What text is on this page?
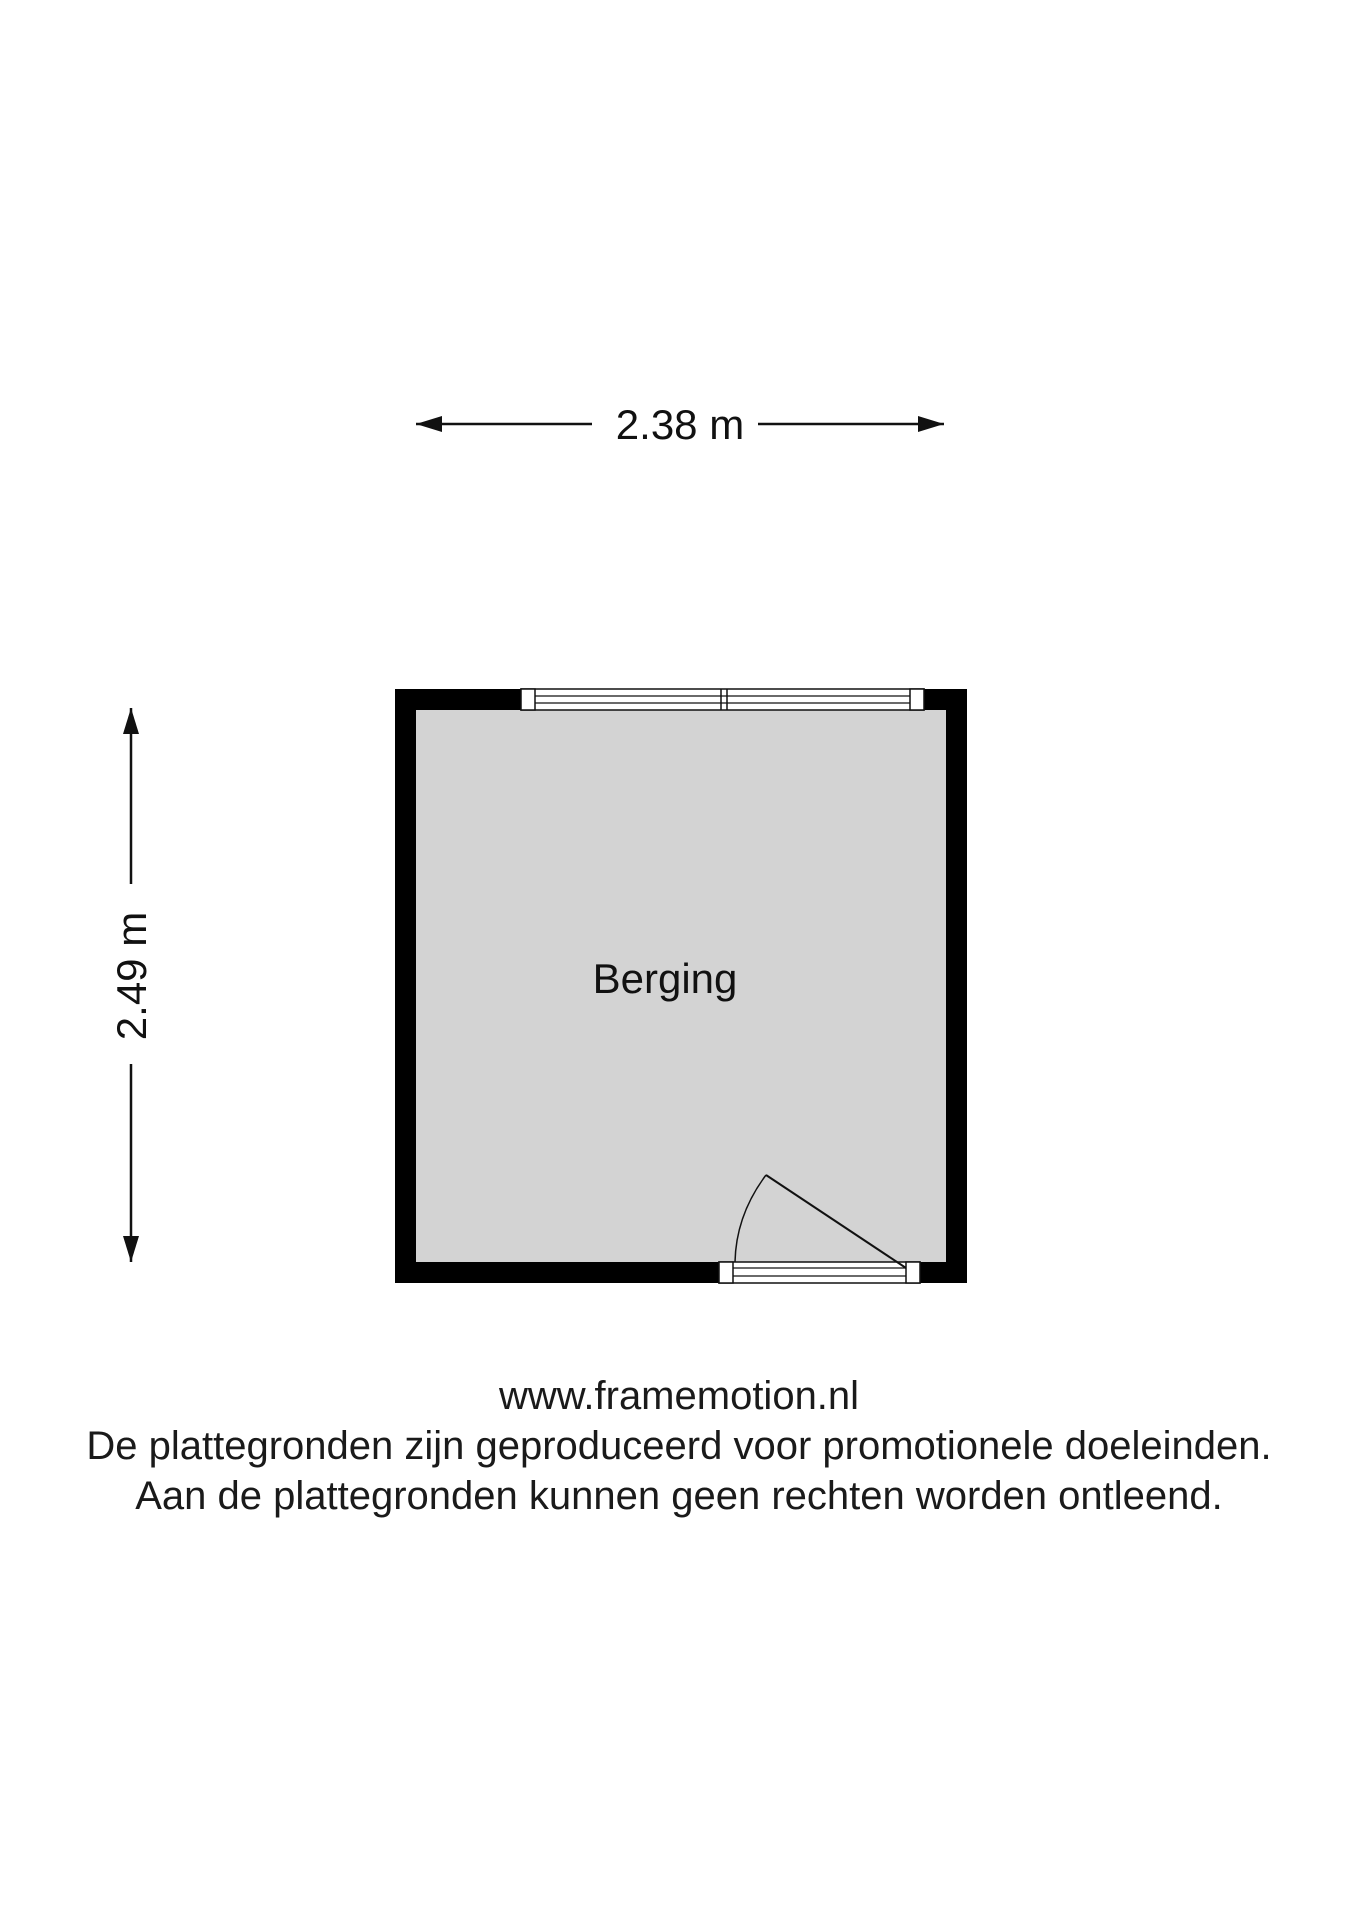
2.38 m
2.49 m	Berging
www.framemotion.nl
De plattegronden zijn geproduceerd voor promotionele doeleinden.
Aan de plattegronden kunnen geen rechten worden ontleend.
